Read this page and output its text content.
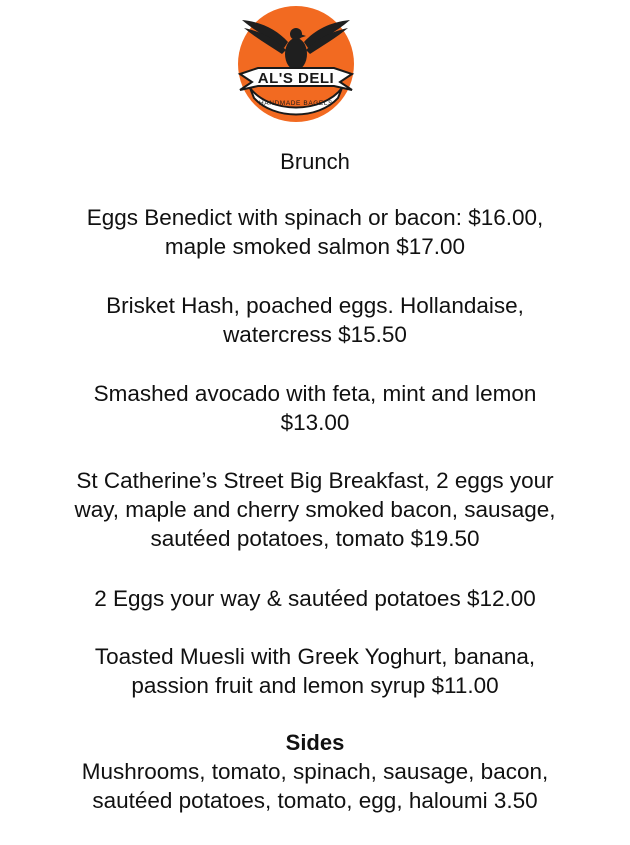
AL'S DELI
HANDMADE BAGELS
Brunch
Eggs Benedict with spinach or bacon: $16.00,
maple smoked salmon $17.00
Brisket Hash, poached eggs. Hollandaise,
watercress $15.50
Smashed avocado with feta, mint and lemon
$13.00
St Catherine’s Street Big Breakfast, 2 eggs your
way, maple and cherry smoked bacon, sausage,
sautéed potatoes, tomato $19.50
2 Eggs your way & sautéed potatoes $12.00
Toasted Muesli with Greek Yoghurt, banana,
passion fruit and lemon syrup $11.00
Sides
Mushrooms, tomato, spinach, sausage, bacon,
sautéed potatoes, tomato, egg, haloumi 3.50
